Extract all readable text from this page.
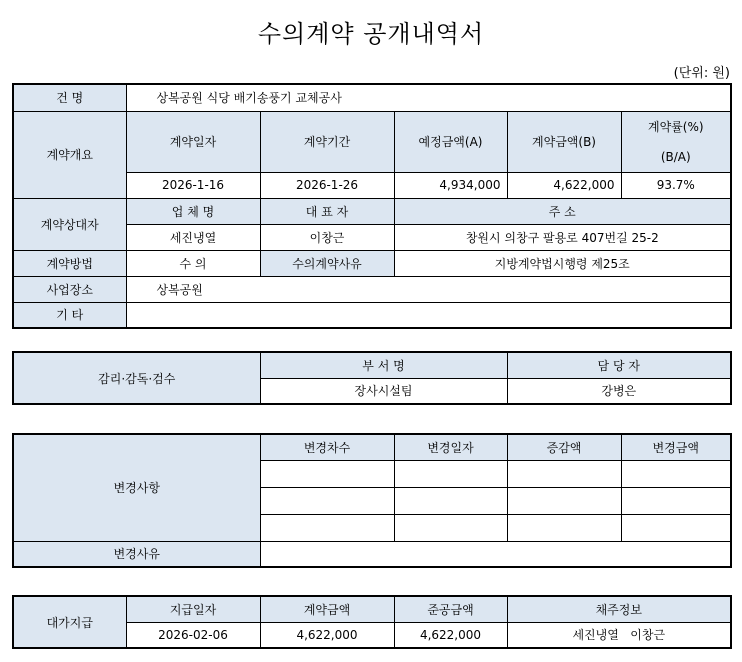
수의계약 공개내역서
(단위: 원)
건 명	상복공원 식당 배기송풍기 교체공사				
계약개요	계약일자	계약기간	예정금액(A)	계약금액(B)	계약률(%)
(B/A)

	2026-1-16	2026-1-26	4,934,000	4,622,000	93.7%
계약상대자	업 체 명	대 표 자	주 소		
	세진냉열	이창근	창원시 의창구 팔용로 407번길 25-2		
계약방법	수 의	수의계약사유	지방계약법시행령 제25조		
사업장소	상복공원				
기 타					
감리·감독·검수	부 서 명	담 당 자
	장사시설팀	강병은
변경사항	변경차수	변경일자	증감액	변경금액

변경사유				
대가지급	지급일자	계약금액	준공금액	채주정보
	2026-02-06	4,622,000	4,622,000	세진냉열   이창근
